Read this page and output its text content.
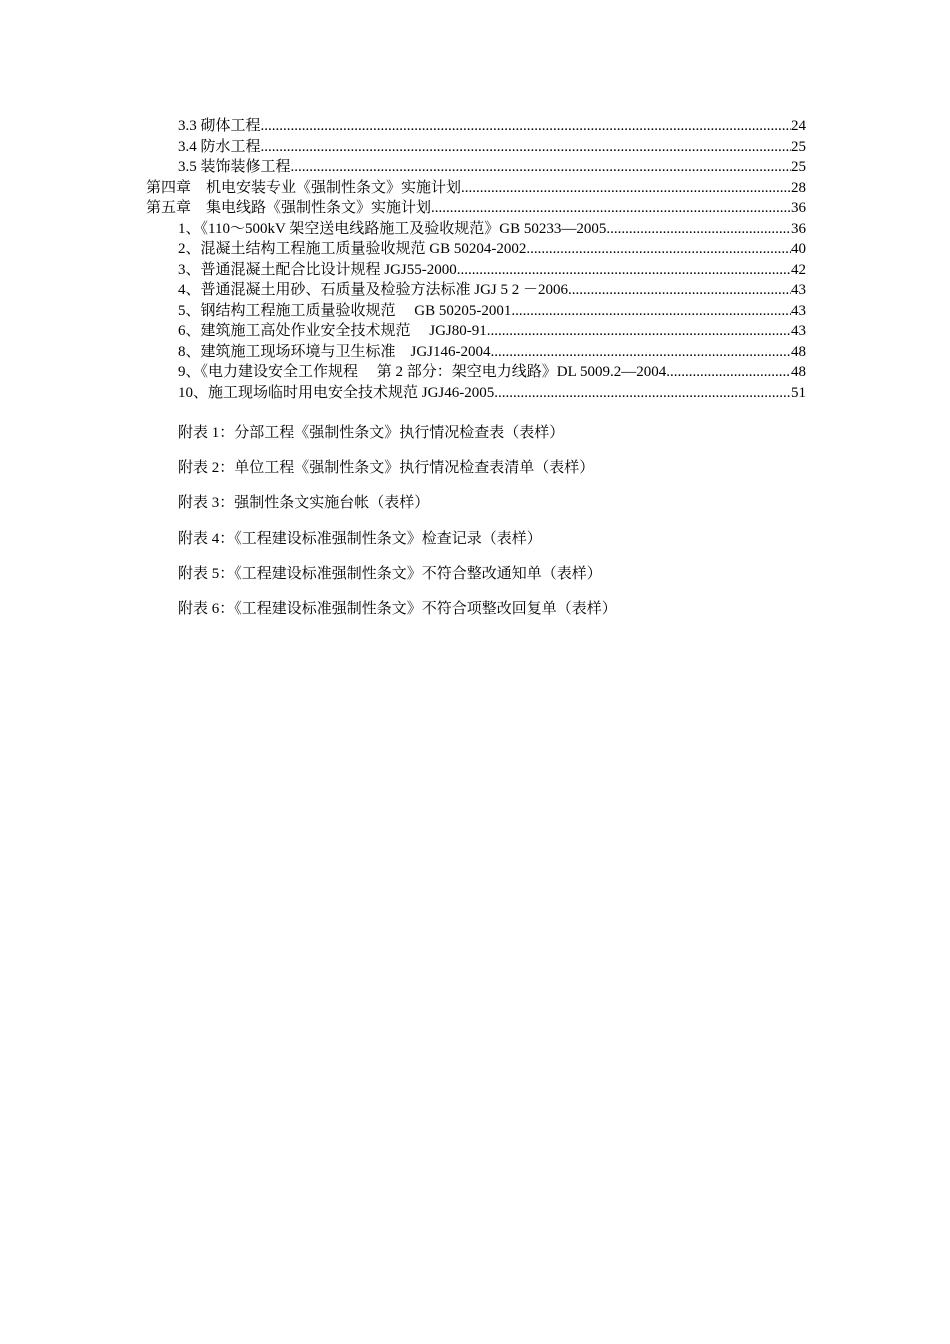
3.3 砌体工程 .....	24
3.4 防水工程 .....	25
3.5 装饰装修工程 .....	25
第四章　机电安装专业《强制性条文》实施计划 .....	28
第五章　集电线路《强制性条文》实施计划 .....	36
1、《110～500kV 架空送电线路施工及验收规范》GB 50233—2005 .....	36
2、混凝土结构工程施工质量验收规范 GB 50204-2002 .....	40
3、普通混凝土配合比设计规程 JGJ55-2000 .....	42
4、普通混凝土用砂、石质量及检验方法标准 JGJ 5 2 －2006 .....	43
5、钢结构工程施工质量验收规范　 GB 50205-2001 .....	43
6、建筑施工高处作业安全技术规范　 JGJ80-91 .....	43
8、建筑施工现场环境与卫生标准　JGJ146-2004 .....	48
9、《电力建设安全工作规程　 第 2 部分：架空电力线路》DL 5009.2—2004 .....	48
10、施工现场临时用电安全技术规范 JGJ46-2005 .....	51
附表 1：分部工程《强制性条文》执行情况检查表（表样）
附表 2：单位工程《强制性条文》执行情况检查表清单（表样）
附表 3：强制性条文实施台帐（表样）
附表 4：《工程建设标准强制性条文》检查记录（表样）
附表 5：《工程建设标准强制性条文》不符合整改通知单（表样）
附表 6：《工程建设标准强制性条文》不符合项整改回复单（表样）
